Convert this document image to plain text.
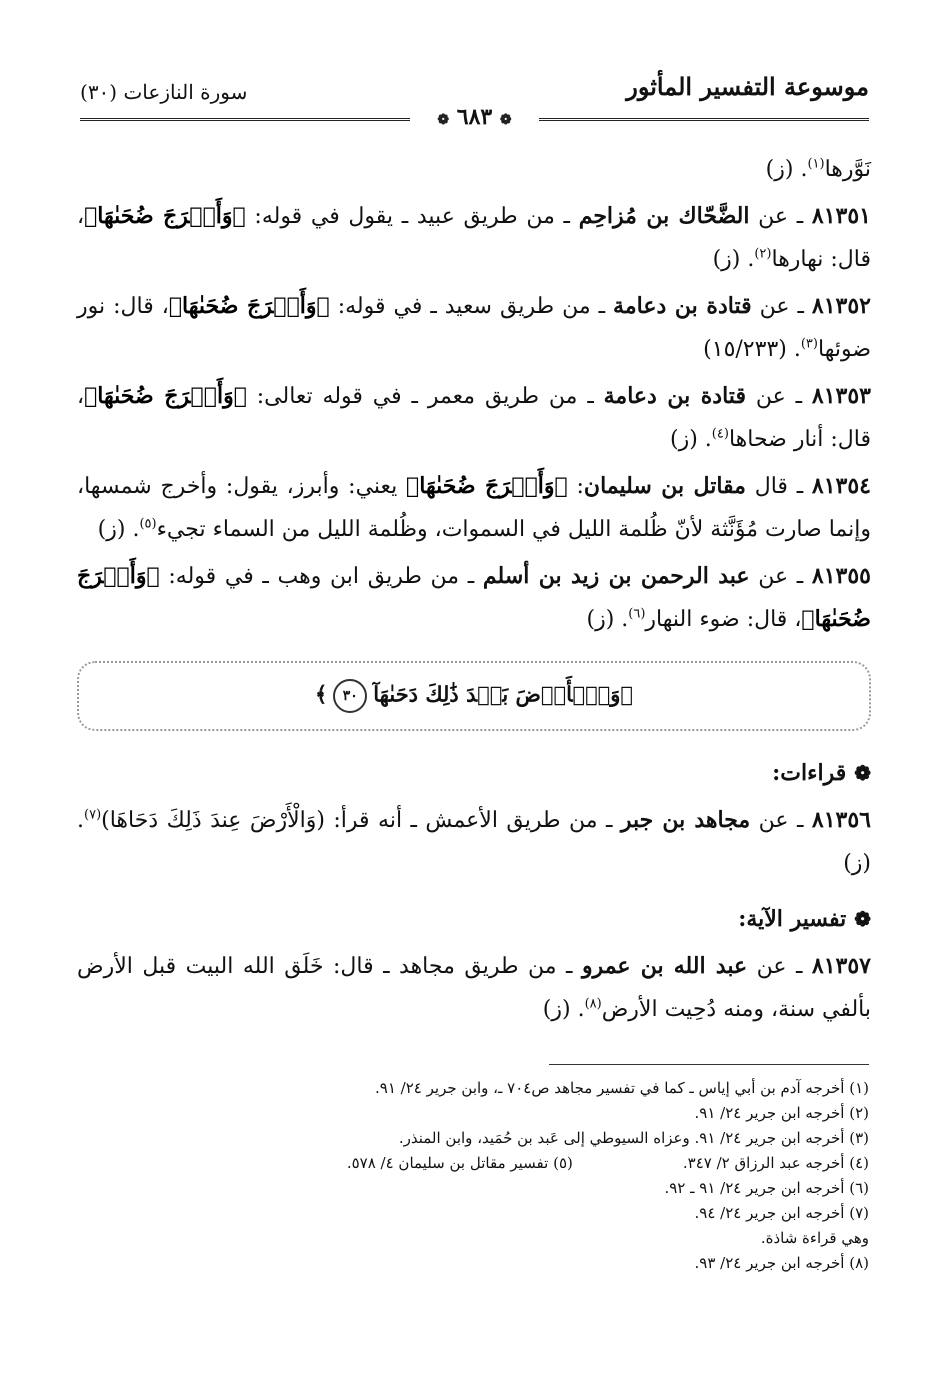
موسوعة التفسير المأثور
سورة النازعات (٣٠)
❁ ٦٨٣ ❁

نَوَّرها$^{(١)}$. (ز)

٨١٣٥١ ـ عن الضَّحّاك بن مُزاحِم ـ من طريق عبيد ـ يقول في قوله: ﴿وَأَخۡرَجَ ضُحَىٰهَا﴾، قال: نهارها$^{(٢)}$. (ز)

٨١٣٥٢ ـ عن قتادة بن دعامة ـ من طريق سعيد ـ في قوله: ﴿وَأَخۡرَجَ ضُحَىٰهَا﴾، قال: نور ضوئها$^{(٣)}$. (١٥/٢٣٣)

٨١٣٥٣ ـ عن قتادة بن دعامة ـ من طريق معمر ـ في قوله تعالى: ﴿وَأَخۡرَجَ ضُحَىٰهَا﴾، قال: أنار ضحاها$^{(٤)}$. (ز)

٨١٣٥٤ ـ قال مقاتل بن سليمان: ﴿وَأَخۡرَجَ ضُحَىٰهَا﴾ يعني: وأبرز، يقول: وأخرج شمسها، وإنما صارت مُؤَنَّثة لأنّ ظُلمة الليل في السموات، وظُلمة الليل من السماء تجيء$^{(٥)}$. (ز)

٨١٣٥٥ ـ عن عبد الرحمن بن زيد بن أسلم ـ من طريق ابن وهب ـ في قوله: ﴿وَأَخۡرَجَ ضُحَىٰهَا﴾، قال: ضوء النهار$^{(٦)}$. (ز)

﴿وَٱلۡأَرۡضَ بَعۡدَ ذَٰلِكَ دَحَىٰهَآ٣٠﴾
❁قراءات:

٨١٣٥٦ ـ عن مجاهد بن جبر ـ من طريق الأعمش ـ أنه قرأ: (وَالْأَرْضَ عِندَ ذَلِكَ دَحَاهَا)$^{(٧)}$. (ز)

❁تفسير الآية:

٨١٣٥٧ ـ عن عبد الله بن عمرو ـ من طريق مجاهد ـ قال: خَلَق الله البيت قبل الأرض بألفي سنة، ومنه دُحِيت الأرض$^{(٨)}$. (ز)

(١) أخرجه آدم بن أبي إياس ـ كما في تفسير مجاهد ص٧٠٤ ـ، وابن جرير ٢٤/ ٩١.
(٢) أخرجه ابن جرير ٢٤/ ٩١.
(٣) أخرجه ابن جرير ٢٤/ ٩١. وعزاه السيوطي إلى عَبد بن حُمَيد، وابن المنذر.
(٤) أخرجه عبد الرزاق ٢/ ٣٤٧.
(٥) تفسير مقاتل بن سليمان ٤/ ٥٧٨.
(٦) أخرجه ابن جرير ٢٤/ ٩١ ـ ٩٢.
(٧) أخرجه ابن جرير ٢٤/ ٩٤.
وهي قراءة شاذة.
(٨) أخرجه ابن جرير ٢٤/ ٩٣.
